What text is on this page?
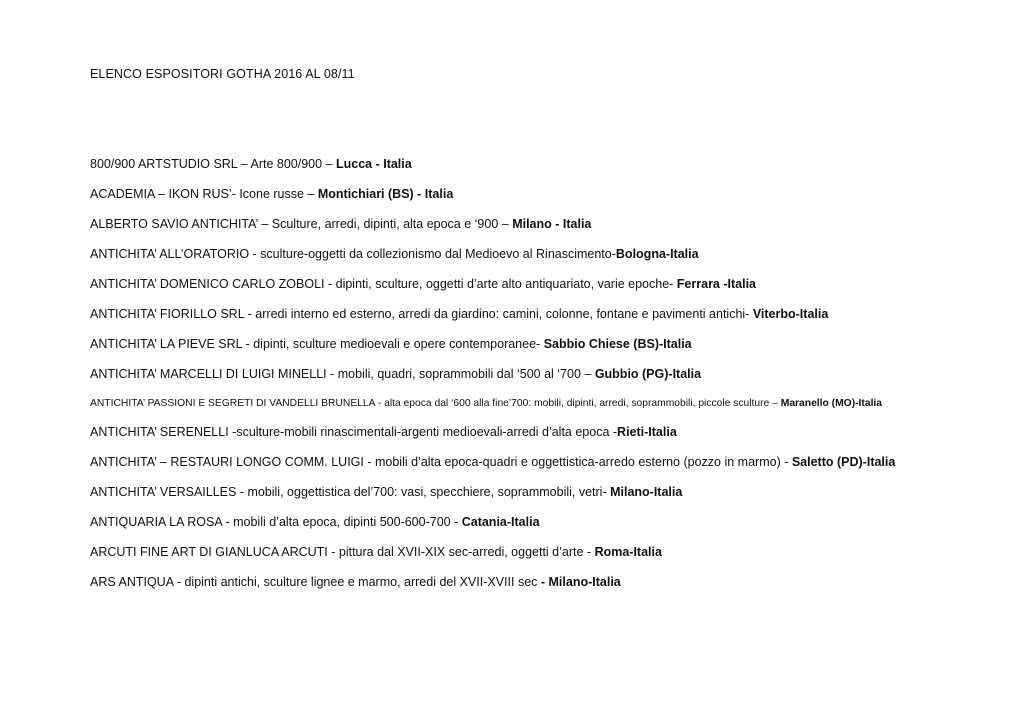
ELENCO ESPOSITORI GOTHA 2016 AL 08/11

800/900 ARTSTUDIO SRL – Arte 800/900 – Lucca - Italia

ACADEMIA – IKON RUS’- Icone russe – Montichiari (BS) - Italia

ALBERTO SAVIO ANTICHITA’ – Sculture, arredi, dipinti, alta epoca e ‘900 – Milano - Italia

ANTICHITA’ ALL’ORATORIO - sculture-oggetti da collezionismo dal Medioevo al Rinascimento-Bologna-Italia

ANTICHITA’ DOMENICO CARLO ZOBOLI - dipinti, sculture, oggetti d’arte alto antiquariato, varie epoche- Ferrara -Italia

ANTICHITA’ FIORILLO SRL - arredi interno ed esterno, arredi da giardino: camini, colonne, fontane e pavimenti antichi- Viterbo-Italia

ANTICHITA’ LA PIEVE SRL - dipinti, sculture medioevali e opere contemporanee- Sabbio Chiese (BS)-Italia

ANTICHITA’ MARCELLI DI LUIGI MINELLI - mobili, quadri, soprammobili dal ‘500 al ‘700 – Gubbio (PG)-Italia

ANTICHITA’ PASSIONI E SEGRETI DI VANDELLI BRUNELLA - alta epoca dal ‘600 alla fine’700: mobili, dipinti, arredi, soprammobili, piccole sculture – Maranello (MO)-Italia

ANTICHITA’ SERENELLI -sculture-mobili rinascimentali-argenti medioevali-arredi d’alta epoca -Rieti-Italia

ANTICHITA’ – RESTAURI LONGO COMM. LUIGI - mobili d’alta epoca-quadri e oggettistica-arredo esterno (pozzo in marmo) - Saletto (PD)-Italia

ANTICHITA’ VERSAILLES - mobili, oggettistica del’700: vasi, specchiere, soprammobili, vetri- Milano-Italia

ANTIQUARIA LA ROSA - mobili d’alta epoca, dipinti 500-600-700 - Catania-Italia

ARCUTI FINE ART DI GIANLUCA ARCUTI - pittura dal XVII-XIX sec-arredi, oggetti d’arte - Roma-Italia

ARS ANTIQUA - dipinti antichi, sculture lignee e marmo, arredi del XVII-XVIII sec - Milano-Italia
